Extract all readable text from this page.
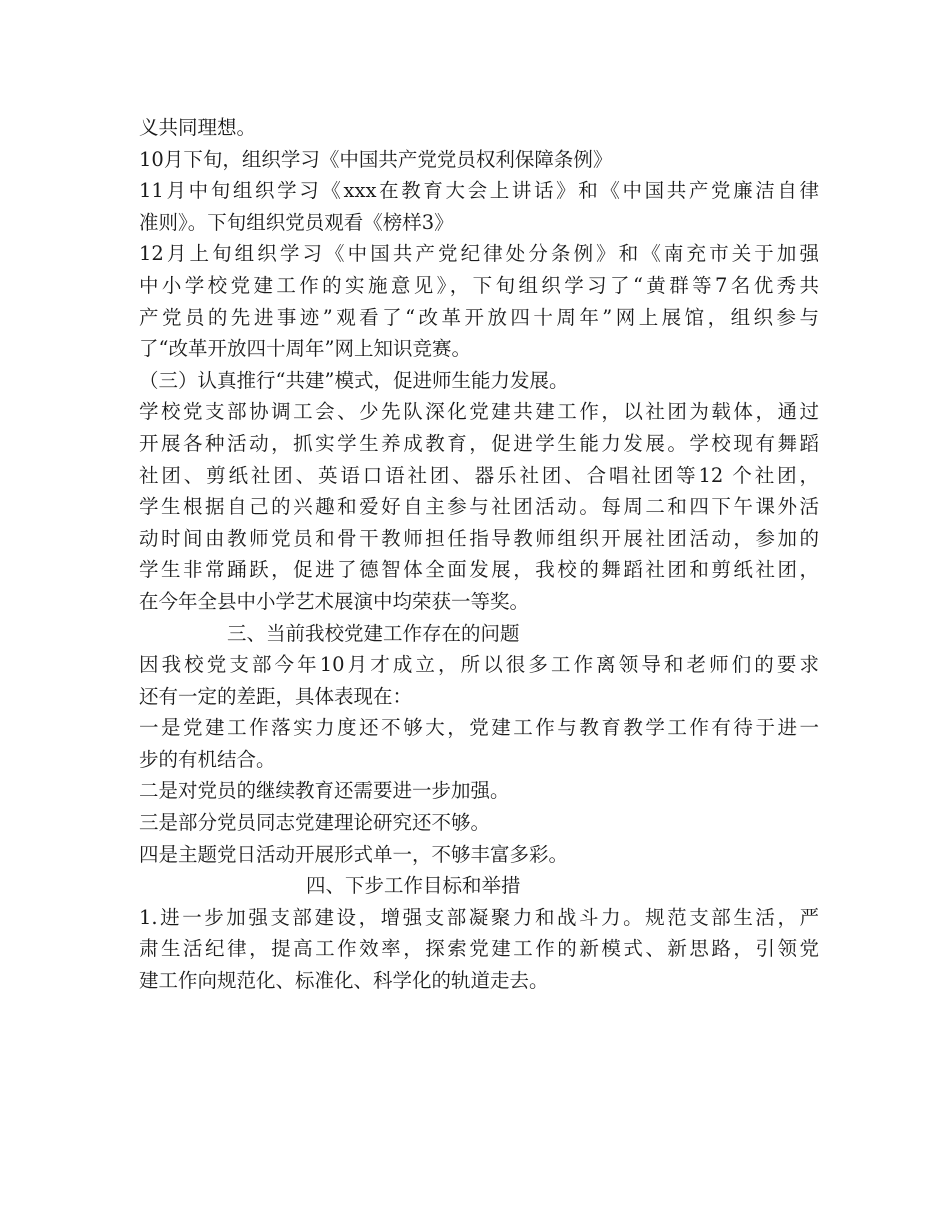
义共同理想。
10月下旬，组织学习《中国共产党党员权利保障条例》
11月中旬组织学习《xxx在教育大会上讲话》和《中国共产党廉洁自律
准则》。下旬组织党员观看《榜样3》
12月上旬组织学习《中国共产党纪律处分条例》和《南充市关于加强
中小学校党建工作的实施意见》，下旬组织学习了“黄群等7名优秀共
产党员的先进事迹”观看了“改革开放四十周年”网上展馆，组织参与
了“改革开放四十周年”网上知识竞赛。
（三）认真推行“共建”模式，促进师生能力发展。
学校党支部协调工会、少先队深化党建共建工作，以社团为载体，通过
开展各种活动，抓实学生养成教育，促进学生能力发展。学校现有舞蹈
社团、剪纸社团、英语口语社团、器乐社团、合唱社团等12 个社团，
学生根据自己的兴趣和爱好自主参与社团活动。每周二和四下午课外活
动时间由教师党员和骨干教师担任指导教师组织开展社团活动，参加的
学生非常踊跃，促进了德智体全面发展，我校的舞蹈社团和剪纸社团，
在今年全县中小学艺术展演中均荣获一等奖。
三、当前我校党建工作存在的问题
因我校党支部今年10月才成立，所以很多工作离领导和老师们的要求
还有一定的差距，具体表现在：
一是党建工作落实力度还不够大，党建工作与教育教学工作有待于进一
步的有机结合。
二是对党员的继续教育还需要进一步加强。
三是部分党员同志党建理论研究还不够。
四是主题党日活动开展形式单一，不够丰富多彩。
四、下步工作目标和举措
1.进一步加强支部建设，增强支部凝聚力和战斗力。规范支部生活，严
肃生活纪律，提高工作效率，探索党建工作的新模式、新思路，引领党
建工作向规范化、标准化、科学化的轨道走去。
